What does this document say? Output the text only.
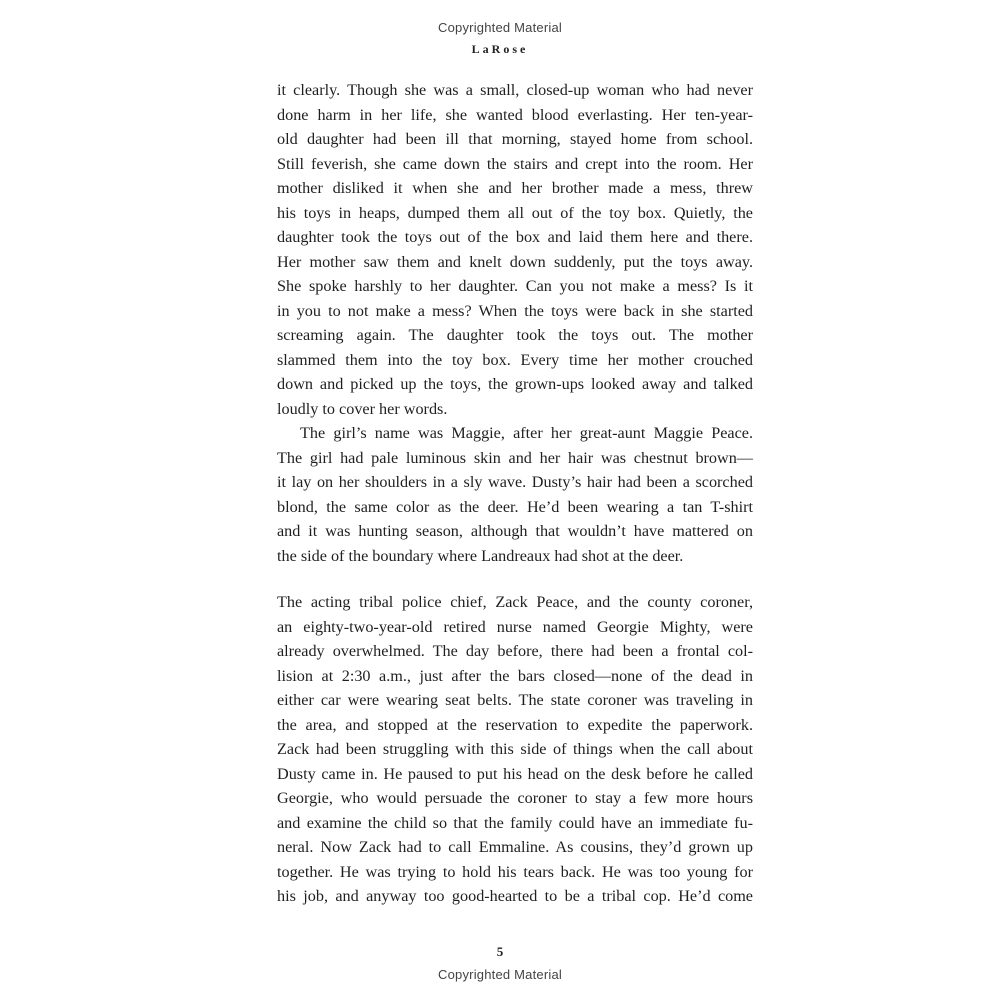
Copyrighted Material
LaRose
it clearly. Though she was a small, closed-up woman who had never
done harm in her life, she wanted blood everlasting. Her ten-year-
old daughter had been ill that morning, stayed home from school.
Still feverish, she came down the stairs and crept into the room. Her
mother disliked it when she and her brother made a mess, threw
his toys in heaps, dumped them all out of the toy box. Quietly, the
daughter took the toys out of the box and laid them here and there.
Her mother saw them and knelt down suddenly, put the toys away.
She spoke harshly to her daughter. Can you not make a mess? Is it
in you to not make a mess? When the toys were back in she started
screaming again. The daughter took the toys out. The mother
slammed them into the toy box. Every time her mother crouched
down and picked up the toys, the grown-ups looked away and talked
loudly to cover her words.
The girl’s name was Maggie, after her great-aunt Maggie Peace.
The girl had pale luminous skin and her hair was chestnut brown—
it lay on her shoulders in a sly wave. Dusty’s hair had been a scorched
blond, the same color as the deer. He’d been wearing a tan T-shirt
and it was hunting season, although that wouldn’t have mattered on
the side of the boundary where Landreaux had shot at the deer.
The acting tribal police chief, Zack Peace, and the county coroner,
an eighty-two-year-old retired nurse named Georgie Mighty, were
already overwhelmed. The day before, there had been a frontal col-
lision at 2:30 a.m., just after the bars closed—none of the dead in
either car were wearing seat belts. The state coroner was traveling in
the area, and stopped at the reservation to expedite the paperwork.
Zack had been struggling with this side of things when the call about
Dusty came in. He paused to put his head on the desk before he called
Georgie, who would persuade the coroner to stay a few more hours
and examine the child so that the family could have an immediate fu-
neral. Now Zack had to call Emmaline. As cousins, they’d grown up
together. He was trying to hold his tears back. He was too young for
his job, and anyway too good-hearted to be a tribal cop. He’d come
5
Copyrighted Material
